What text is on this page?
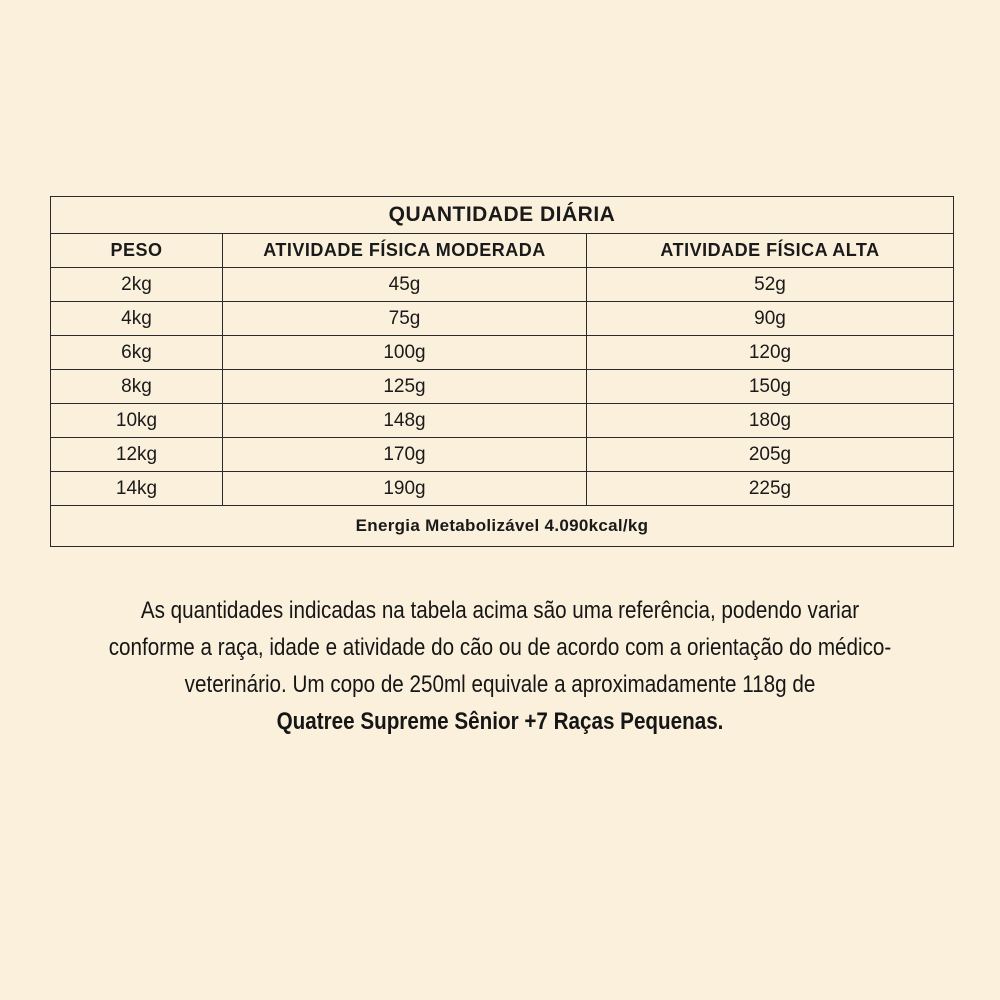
QUANTIDADE DIÁRIA		
PESO	ATIVIDADE FÍSICA MODERADA	ATIVIDADE FÍSICA ALTA
2kg	45g	52g
4kg	75g	90g
6kg	100g	120g
8kg	125g	150g
10kg	148g	180g
12kg	170g	205g
14kg	190g	225g
Energia Metabolizável 4.090kcal/kg		
As quantidades indicadas na tabela acima são uma referência, podendo variar conforme a raça, idade e atividade do cão ou de acordo com a orientação do médico-veterinário. Um copo de 250ml equivale a aproximadamente 118g de
Quatree Supreme Sênior +7 Raças Pequenas.
